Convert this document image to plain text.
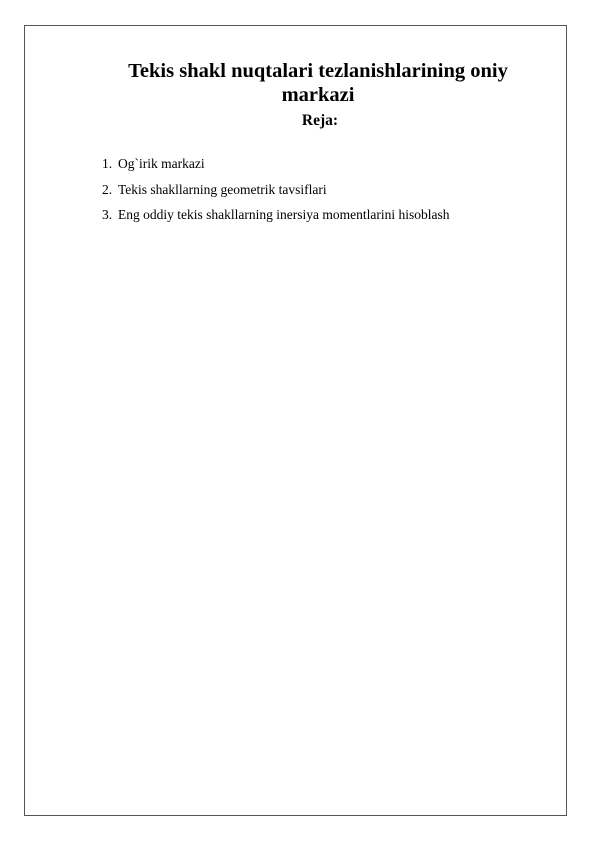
Tekis shakl nuqtalari tezlanishlarining oniy markazi
Reja:
1. Og`irik markazi
2. Tekis shakllarning geometrik tavsiflari
3. Eng oddiy tekis shakllarning inersiya momentlarini hisoblash
